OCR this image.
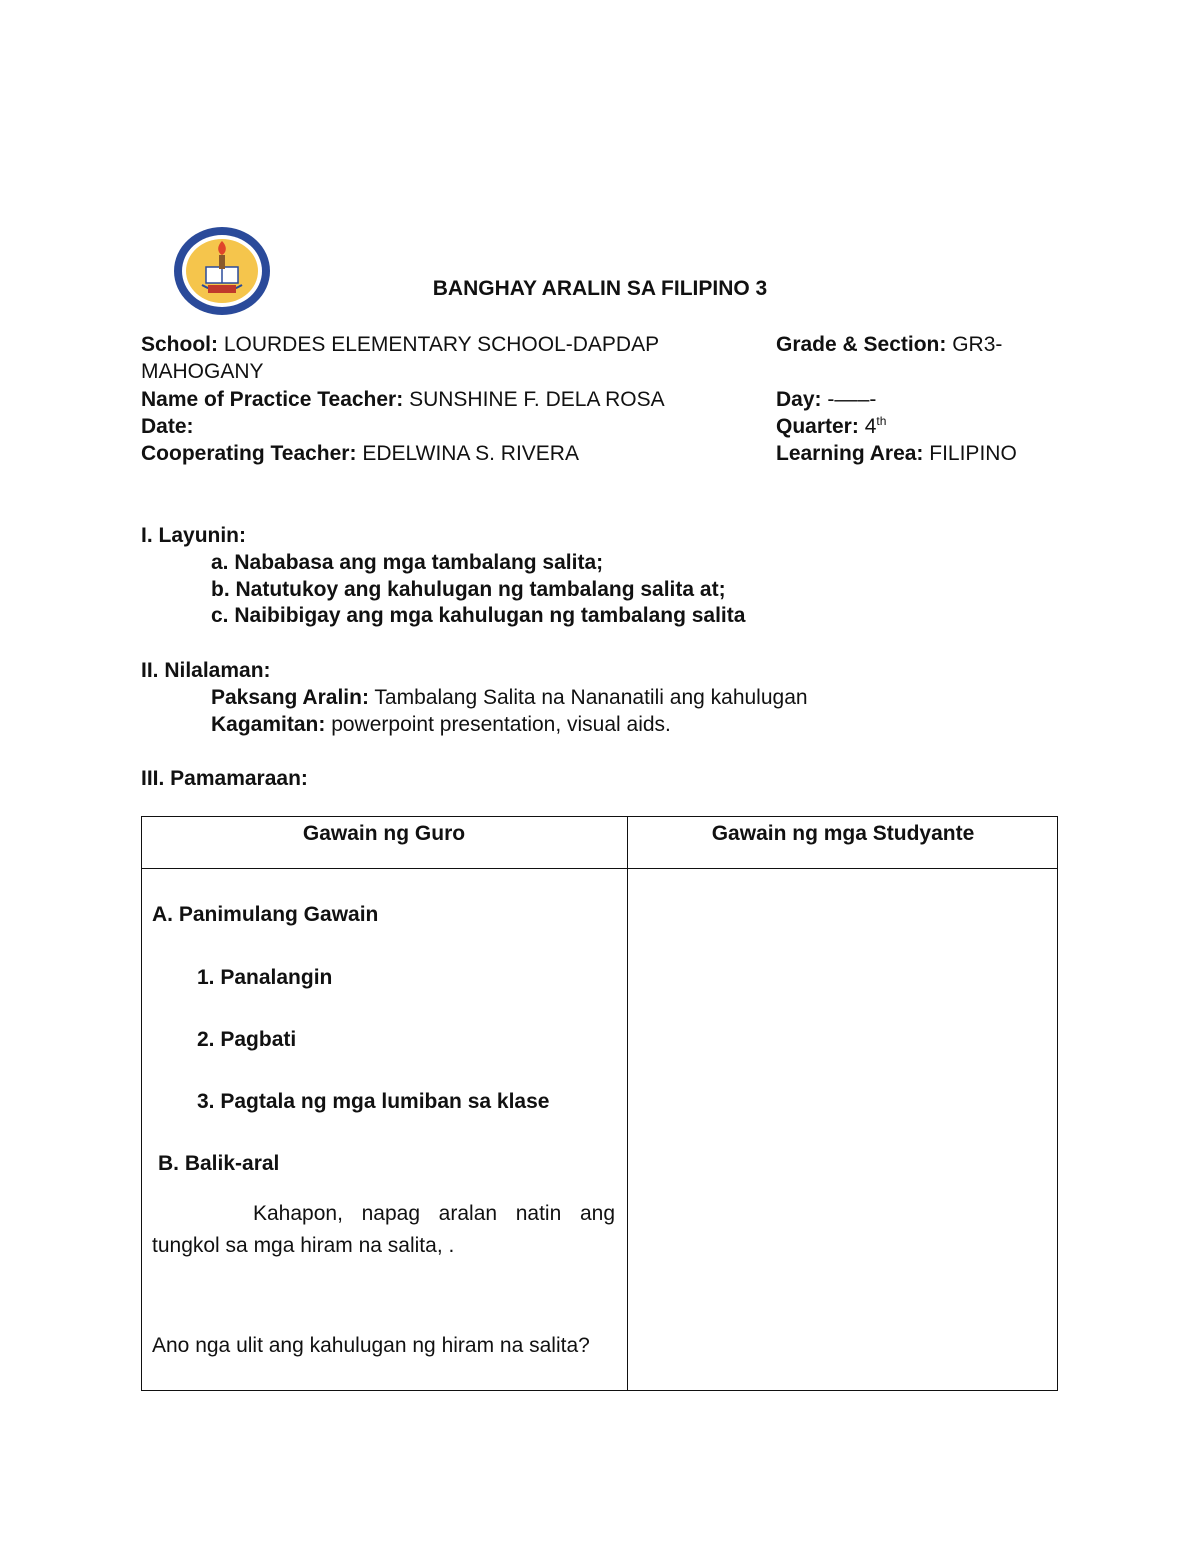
BANGHAY ARALIN SA FILIPINO 3
School: LOURDES ELEMENTARY SCHOOL-DAPDAP	Grade & Section: GR3-
MAHOGANY
Name of Practice Teacher: SUNSHINE F. DELA ROSA	Day: -–––-
Date:	Quarter: 4th
Cooperating Teacher: EDELWINA S. RIVERA	Learning Area: FILIPINO
I. Layunin:
a. Nababasa ang mga tambalang salita;
b. Natutukoy ang kahulugan ng tambalang salita at;
c. Naibibigay ang mga kahulugan ng tambalang salita
II. Nilalaman:
Paksang Aralin: Tambalang Salita na Nananatili ang kahulugan
Kagamitan: powerpoint presentation, visual aids.
III. Pamamaraan:
Gawain ng Guro	Gawain ng mga Studyante
A. Panimulang Gawain
1. Panalangin
2. Pagbati
3. Pagtala ng mga lumiban sa klase
B. Balik-aral
Kahapon, napag aralan natin ang tungkol sa mga hiram na salita, .
Ano nga ulit ang kahulugan ng hiram na salita?
